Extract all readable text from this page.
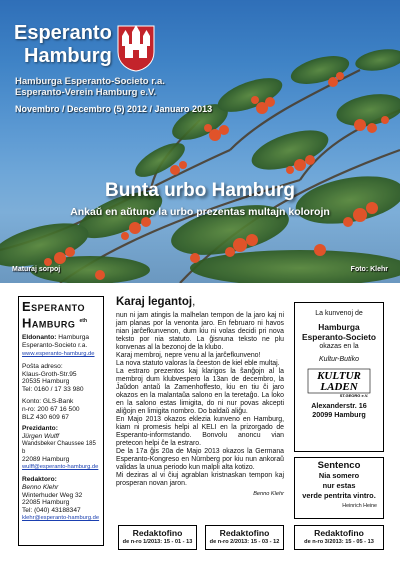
Esperanto
Hamburg
Hamburga Esperanto-Societo r.a.
Esperanto-Verein Hamburg e.V.
Novembro / Decembro (5) 2012 / Januaro 2013
Bunta urbo Hamburg
Ankaŭ en aŭtuno la urbo prezentas multajn kolorojn
Maturaj sorpoj	Foto: Klehr
Esperanto
Hamburg $^{eth}$
Eldonanto: Hamburga Esperanto-Societo r.a.
www.esperanto-hamburg.de
Poŝta adreso:
Klaus-Groth-Str.95
20535 Hamburg
Tel: 0160 / 17 33 980
Konto: GLS-Bank
n-ro: 200 67 16 500
BLZ 430 609 67
Prezidanto:
Jürgen Wulff
Wandsbeker Chaussee 185 b
22089 Hamburg
wulff@esperanto-hamburg.de
Redaktoro:
Benno Klehr
Winterhuder Weg 32
22085 Hamburg
Tel: (040) 43188347
klehr@esperanto-hamburg.de
Karaj legantoj,

nun ni jam atingis la malhelan tempon de la jaro kaj ni jam planas por la venonta jaro. En februaro ni havos nian jarĉefkunvenon, dum kiu ni volas decidi pri nova teksto por nia statuto. La ĝisnuna teksto ne plu konvenas al la bezonoj de la klubo.

Karaj membroj, nepre venu al la jarĉefkunveno!

La nova statuto valoras la ĉeeston de kiel eble multaj.

La estraro prezentos kaj klarigos la ŝanĝojn al la membroj dum klubvespero la 13an de decembro, la Ĵaŭdon antaŭ la Zamenhoffesto, kiu en tiu ĉi jaro okazos en la malantaŭa salono en la teretaĝo. La loko en la salono estas limigita, do ni nur povas akcepti aliĝojn en limigita nombro. Do baldaŭ aliĝu.

En Majo 2013 okazos eklezia kunveno en Hamburg, kiam ni promesis helpi al KELI en la prizorgado de Esperanto-informstando. Bonvolu anoncu vian pretecon helpi ĉe la estraro.

De la 17a ĝis 20a de Majo 2013 okazos la Germana Esperanto-Kongreso en Nürnberg por kiu nun ankoraŭ validas la unua periodo kun malpli alta kotizo.

Mi deziras al vi ĉiuj agrablan kristnaskan tempon kaj prosperan novan jaron.

Benno Klehr
La kunvenoj de
Hamburga
Esperanto-Societo
okazas en la
Kultur-Butiko
KULTUR
LADEN
ST.GEORG e.V.
Alexanderstr. 16
20099 Hamburg
Sentenco
Nia somero
nur estas
verde pentrita vintro.
Heinrich Heine
Redaktofino
de n-ro 1/2013: 15 - 01 - 13
Redaktofino
de n-ro 2/2013: 15 - 03 - 12
Redaktofino
de n-ro 3/2013: 15 - 05 - 13
